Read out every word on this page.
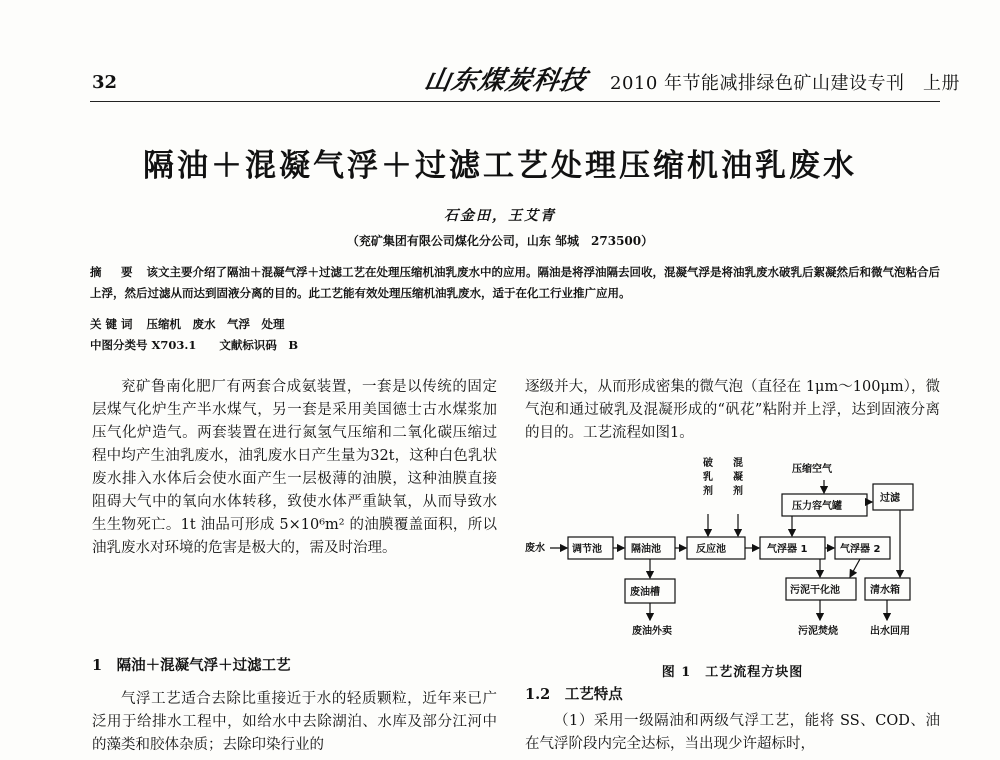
32	山东煤炭科技 2010 年节能减排绿色矿山建设专刊　上册
隔油＋混凝气浮＋过滤工艺处理压缩机油乳废水
石金田，王艾青
（兖矿集团有限公司煤化分公司，山东 邹城　273500）

摘　要 该文主要介绍了隔油＋混凝气浮＋过滤工艺在处理压缩机油乳废水中的应用。隔油是将浮油隔去回收，混凝气浮是将油乳废水破乳后絮凝然后和微气泡粘合后上浮，然后过滤从而达到固液分离的目的。此工艺能有效处理压缩机油乳废水，适于在化工行业推广应用。

关键词 压缩机　废水　气浮　处理
中图分类号 X703.1　　文献标识码　B

兖矿鲁南化肥厂有两套合成氨装置，一套是以传统的固定层煤气化炉生产半水煤气，另一套是采用美国德士古水煤浆加压气化炉造气。两套装置在进行氮氢气压缩和二氧化碳压缩过程中均产生油乳废水，油乳废水日产生量为32t，这种白色乳状废水排入水体后会使水面产生一层极薄的油膜，这种油膜直接阻碍大气中的氧向水体转移，致使水体严重缺氧，从而导致水生生物死亡。1t 油品可形成 5×10⁶m² 的油膜覆盖面积，所以油乳废水对环境的危害是极大的，需及时治理。

1　隔油＋混凝气浮＋过滤工艺

气浮工艺适合去除比重接近于水的轻质颗粒，近年来已广泛用于给排水工程中，如给水中去除湖泊、水库及部分江河中的藻类和胶体杂质；去除印染行业的

逐级并大，从而形成密集的微气泡（直径在 1μm～100μm），微气泡和通过破乳及混凝形成的“矾花”粘附并上浮，达到固液分离的目的。工艺流程如图1。

废水	调节池	隔油池	反应池	气浮器 1	气浮器 2
压力容气罐
过滤
废油槽	污泥干化池	清水箱
压缩空气
废油外卖	污泥焚烧	出水回用
破
乳
剂
混
凝
剂
图 1　工艺流程方块图
1.2　工艺特点

（1）采用一级隔油和两级气浮工艺，能将 SS、COD、油在气浮阶段内完全达标，当出现少许超标时，
